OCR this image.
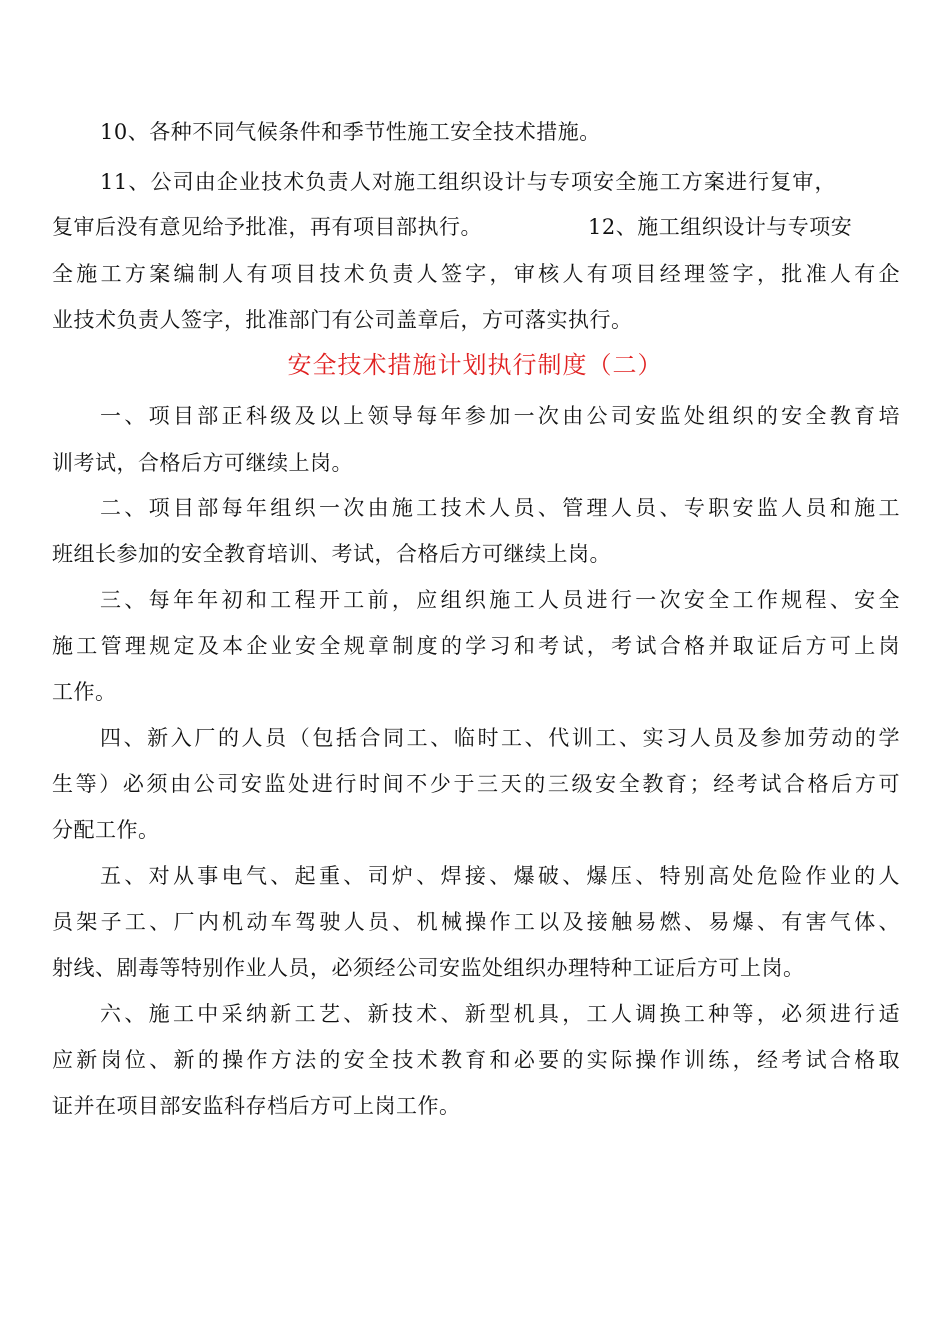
10、各种不同气候条件和季节性施工安全技术措施。
11、公司由企业技术负责人对施工组织设计与专项安全施工方案进行复审，
复审后没有意见给予批准，再有项目部执行。	12、施工组织设计与专项安
全施工方案编制人有项目技术负责人签字，审核人有项目经理签字，批准人有企
业技术负责人签字，批准部门有公司盖章后，方可落实执行。
安全技术措施计划执行制度（二）
一、项目部正科级及以上领导每年参加一次由公司安监处组织的安全教育培
训考试，合格后方可继续上岗。
二、项目部每年组织一次由施工技术人员、管理人员、专职安监人员和施工
班组长参加的安全教育培训、考试，合格后方可继续上岗。
三、每年年初和工程开工前，应组织施工人员进行一次安全工作规程、安全
施工管理规定及本企业安全规章制度的学习和考试，考试合格并取证后方可上岗
工作。
四、新入厂的人员（包括合同工、临时工、代训工、实习人员及参加劳动的学
生等）必须由公司安监处进行时间不少于三天的三级安全教育；经考试合格后方可
分配工作。
五、对从事电气、起重、司炉、焊接、爆破、爆压、特别高处危险作业的人
员架子工、厂内机动车驾驶人员、机械操作工以及接触易燃、易爆、有害气体、
射线、剧毒等特别作业人员，必须经公司安监处组织办理特种工证后方可上岗。
六、施工中采纳新工艺、新技术、新型机具，工人调换工种等，必须进行适
应新岗位、新的操作方法的安全技术教育和必要的实际操作训练，经考试合格取
证并在项目部安监科存档后方可上岗工作。
